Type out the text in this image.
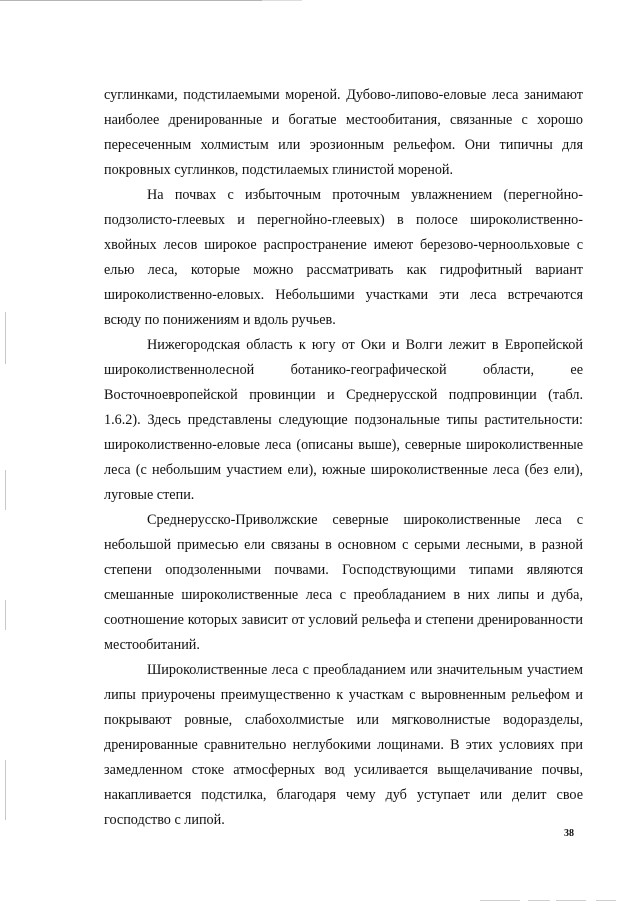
суглинками, подстилаемыми мореной. Дубово-липово-еловые леса занимают наиболее дренированные и богатые местообитания, связанные с хорошо пересеченным холмистым или эрозионным рельефом. Они типичны для покровных суглинков, подстилаемых глинистой мореной.

На почвах с избыточным проточным увлажнением (перегнойно-подзолисто-глеевых и перегнойно-глеевых) в полосе широколиственно-хвойных лесов широкое распространение имеют березово-черноольховые с елью леса, которые можно рассматривать как гидрофитный вариант широколиственно-еловых. Небольшими участками эти леса встречаются всюду по понижениям и вдоль ручьев.

Нижегородская область к югу от Оки и Волги лежит в Европейской широколиственнолесной ботанико-географической области, ее Восточноевропейской провинции и Среднерусской подпровинции (табл. 1.6.2). Здесь представлены следующие подзональные типы растительности: широколиственно-еловые леса (описаны выше), северные широколиственные леса (с небольшим участием ели), южные широколиственные леса (без ели), луговые степи.

Среднерусско-Приволжские северные широколиственные леса с небольшой примесью ели связаны в основном с серыми лесными, в разной степени оподзоленными почвами. Господствующими типами являются смешанные широколиственные леса с преобладанием в них липы и дуба, соотношение которых зависит от условий рельефа и степени дренированности местообитаний.

Широколиственные леса с преобладанием или значительным участием липы приурочены преимущественно к участкам с выровненным рельефом и покрывают ровные, слабохолмистые или мягковолнистые водоразделы, дренированные сравнительно неглубокими лощинами. В этих условиях при замедленном стоке атмосферных вод усиливается выщелачивание почвы, накапливается подстилка, благодаря чему дуб уступает или делит свое господство с липой.

38
